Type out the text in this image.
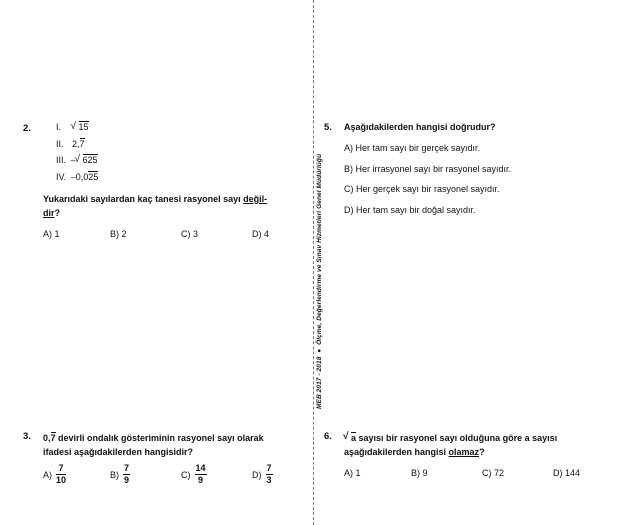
MEB 2017 - 2018  ●  Ölçme, Değerlendirme ve Sınav Hizmetleri Genel Müdürlüğü
2.	I. √ 15
II. 2,7
III. – √ 625
IV. –0,025
Yukarıdaki sayılardan kaç tanesi rasyonel sayı değil-
dir?
A) 1	B) 2	C) 3	D) 4
5. Aşağıdakilerden hangisi doğrudur?
A) Her tam sayı bir gerçek sayıdır.
B) Her irrasyonel sayı bir rasyonel sayıdır.
C) Her gerçek sayı bir rasyonel sayıdır.
D) Her tam sayı bir doğal sayıdır.
3. 0,7 devirli ondalık gösteriminin rasyonel sayı olarak
ifadesi aşağıdakilerden hangisidir?
$A) \frac{7}{10}$	$B) \frac{7}{9}$	$C) \frac{14}{9}$	$D) \frac{7}{3}$
6.	√ a sayısı bir rasyonel sayı olduğuna göre a sayısı
aşağıdakilerden hangisi olamaz?
A) 1	B) 9	C) 72	D) 144
